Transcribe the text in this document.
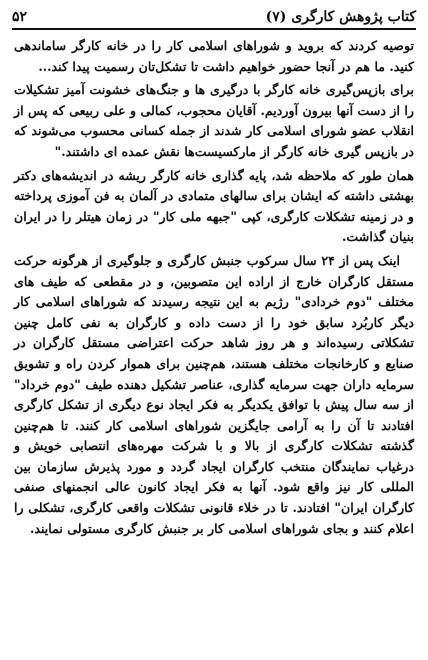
کتاب پژوهش کارگری (۷)
۵۲

توصیه کردند که بروید و شوراهای اسلامی کار را در خانه کارگر ساماندهی کنید. ما هم در آنجا حضور خواهیم داشت تا تشکل‌تان رسمیت پیدا کند...

برای بازپس‌گیری خانه کارگر با درگیری ها و جنگ‌های خشونت آمیز تشکیلات را از دست آنها بیرون آوردیم. آقایان محجوب، کمالی و علی ربیعی که پس از انقلاب عضو شورای اسلامی کار شدند از جمله کسانی محسوب می‌شوند که در بازپس گیری خانه کارگر از مارکسیست‌ها نقش عمده ای داشتند."

همان طور که ملاحظه شد، پایه گذاری خانه کارگر ریشه در اندیشه‌های دکتر بهشتی داشته که ایشان برای سالهای متمادی در آلمان به فن آموزی پرداخته و در زمینه تشکلات کارگری، کپی "جبهه ملی کار" در زمان هیتلر را در ایران بنیان گذاشت.

اینک پس از ۲۴ سال سرکوب جنبش کارگری و جلوگیری از هرگونه حرکت مستقل کارگران خارج از اراده این متصوبین، و در مقطعی که طیف های مختلف "دوم خردادی" رژیم به این نتیجه رسیدند که شوراهای اسلامی کار دیگر کاربُرد سابق خود را از دست داده و کارگران به نفی کامل چنین تشکلاتی رسیده‌اند و هر روز شاهد حرکت اعتراضی مستقل کارگران در صنایع و کارخانجات مختلف هستند، هم‌چنین برای هموار کردن راه و تشویق سرمایه داران جهت سرمایه گذاری، عناصر تشکیل دهنده طیف "دوم خرداد" از سه سال پیش با توافق یکدیگر به فکر ایجاد نوع دیگری از تشکل کارگری افتادند تا آن را به آرامی جایگزین شوراهای اسلامی کار کنند. تا هم‌چنین گذشته تشکلات کارگری از بالا و با شرکت مهره‌های انتصابی خویش و درغیاب نمایندگان منتخب کارگران ایجاد گردد و مورد پذیرش سازمان بین المللی کار نیز واقع شود. آنها به فکر ایجاد کانون عالی انجمنهای صنفی کارگران ایران" افتادند. تا در خلاء قانونی تشکلات واقعی کارگری، تشکلی را اعلام کنند و بجای شوراهای اسلامی کار بر جنبش کارگری مستولی نمایند.
